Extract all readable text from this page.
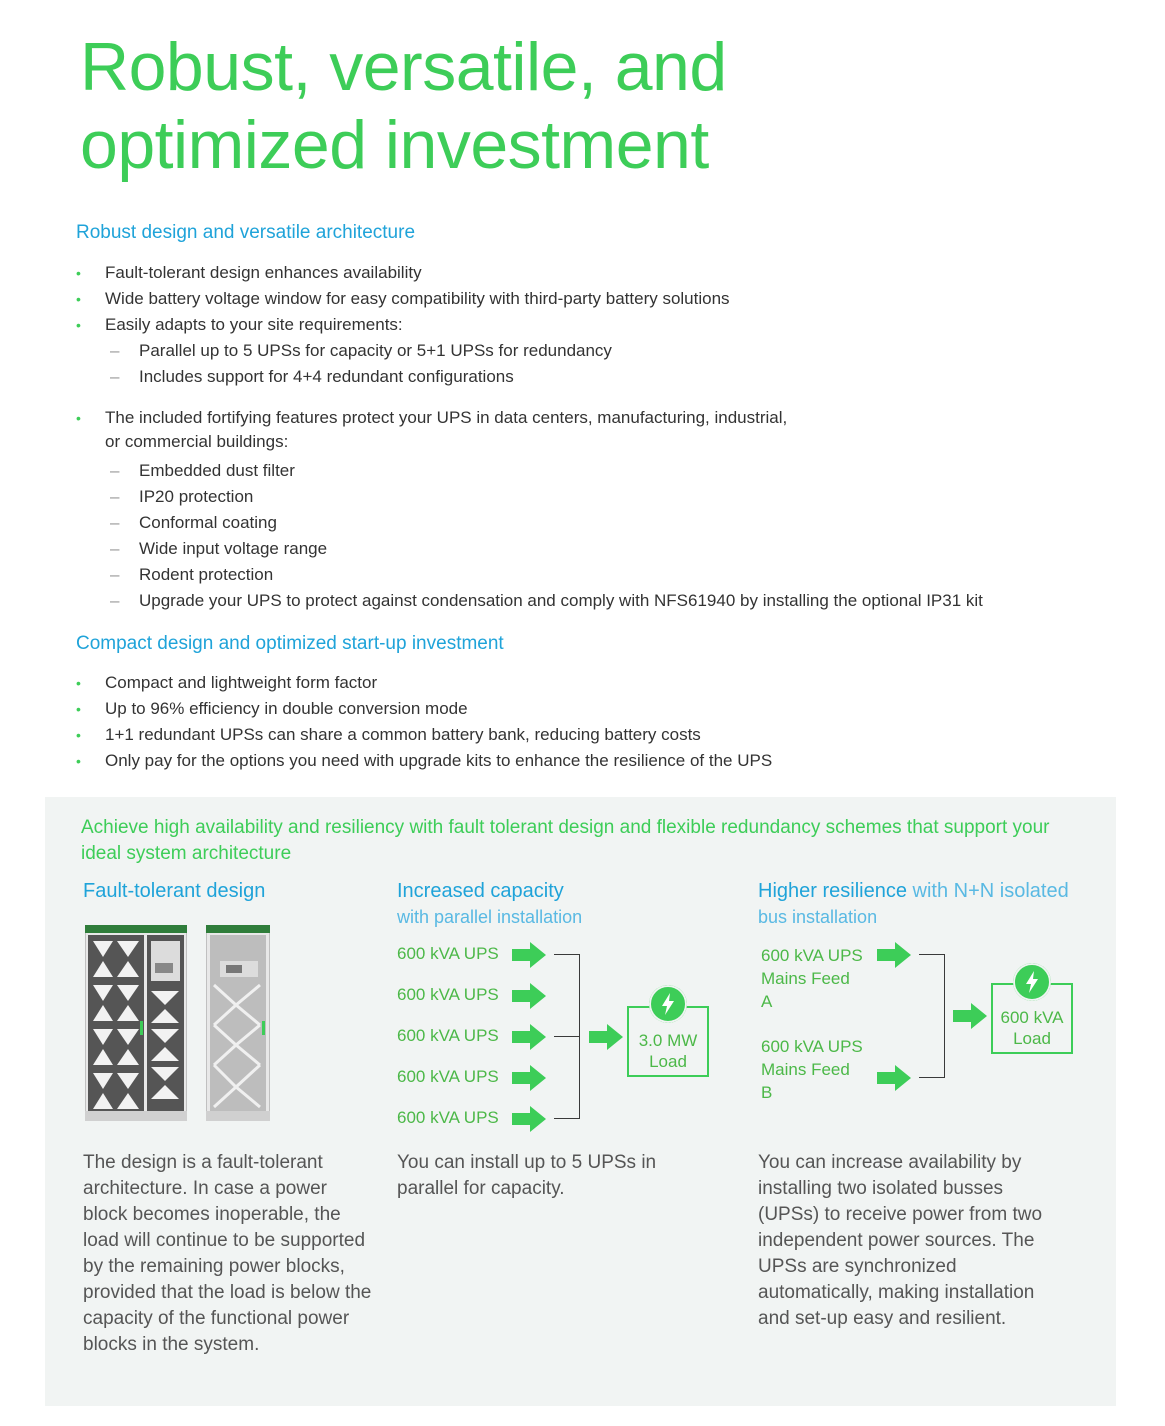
Robust, versatile, and optimized investment
Robust design and versatile architecture
• Fault-tolerant design enhances availability
• Wide battery voltage window for easy compatibility with third-party battery solutions
• Easily adapts to your site requirements:
– Parallel up to 5 UPSs for capacity or 5+1 UPSs for redundancy
– Includes support for 4+4 redundant configurations
• The included fortifying features protect your UPS in data centers, manufacturing, industrial,
or commercial buildings:
– Embedded dust filter
– IP20 protection
– Conformal coating
– Wide input voltage range
– Rodent protection
– Upgrade your UPS to protect against condensation and comply with NFS61940 by installing the optional IP31 kit
Compact design and optimized start-up investment
• Compact and lightweight form factor
• Up to 96% efficiency in double conversion mode
• 1+1 redundant UPSs can share a common battery bank, reducing battery costs
• Only pay for the options you need with upgrade kits to enhance the resilience of the UPS
Achieve high availability and resiliency with fault tolerant design and flexible redundancy schemes that support your ideal system architecture
Fault-tolerant design
The design is a fault-tolerant architecture. In case a power block becomes inoperable, the load will continue to be supported by the remaining power blocks, provided that the load is below the capacity of the functional power blocks in the system.
Increased capacity
with parallel installation
600 kVA UPS
600 kVA UPS
600 kVA UPS
600 kVA UPS
600 kVA UPS
3.0 MW
Load
You can install up to 5 UPSs in parallel for capacity.
Higher resilience with N+N isolated
bus installation
600 kVA UPS
Mains Feed
A
600 kVA UPS
Mains Feed
B
600 kVA
Load
You can increase availability by installing two isolated busses (UPSs) to receive power from two independent power sources. The UPSs are synchronized automatically, making installation and set-up easy and resilient.
